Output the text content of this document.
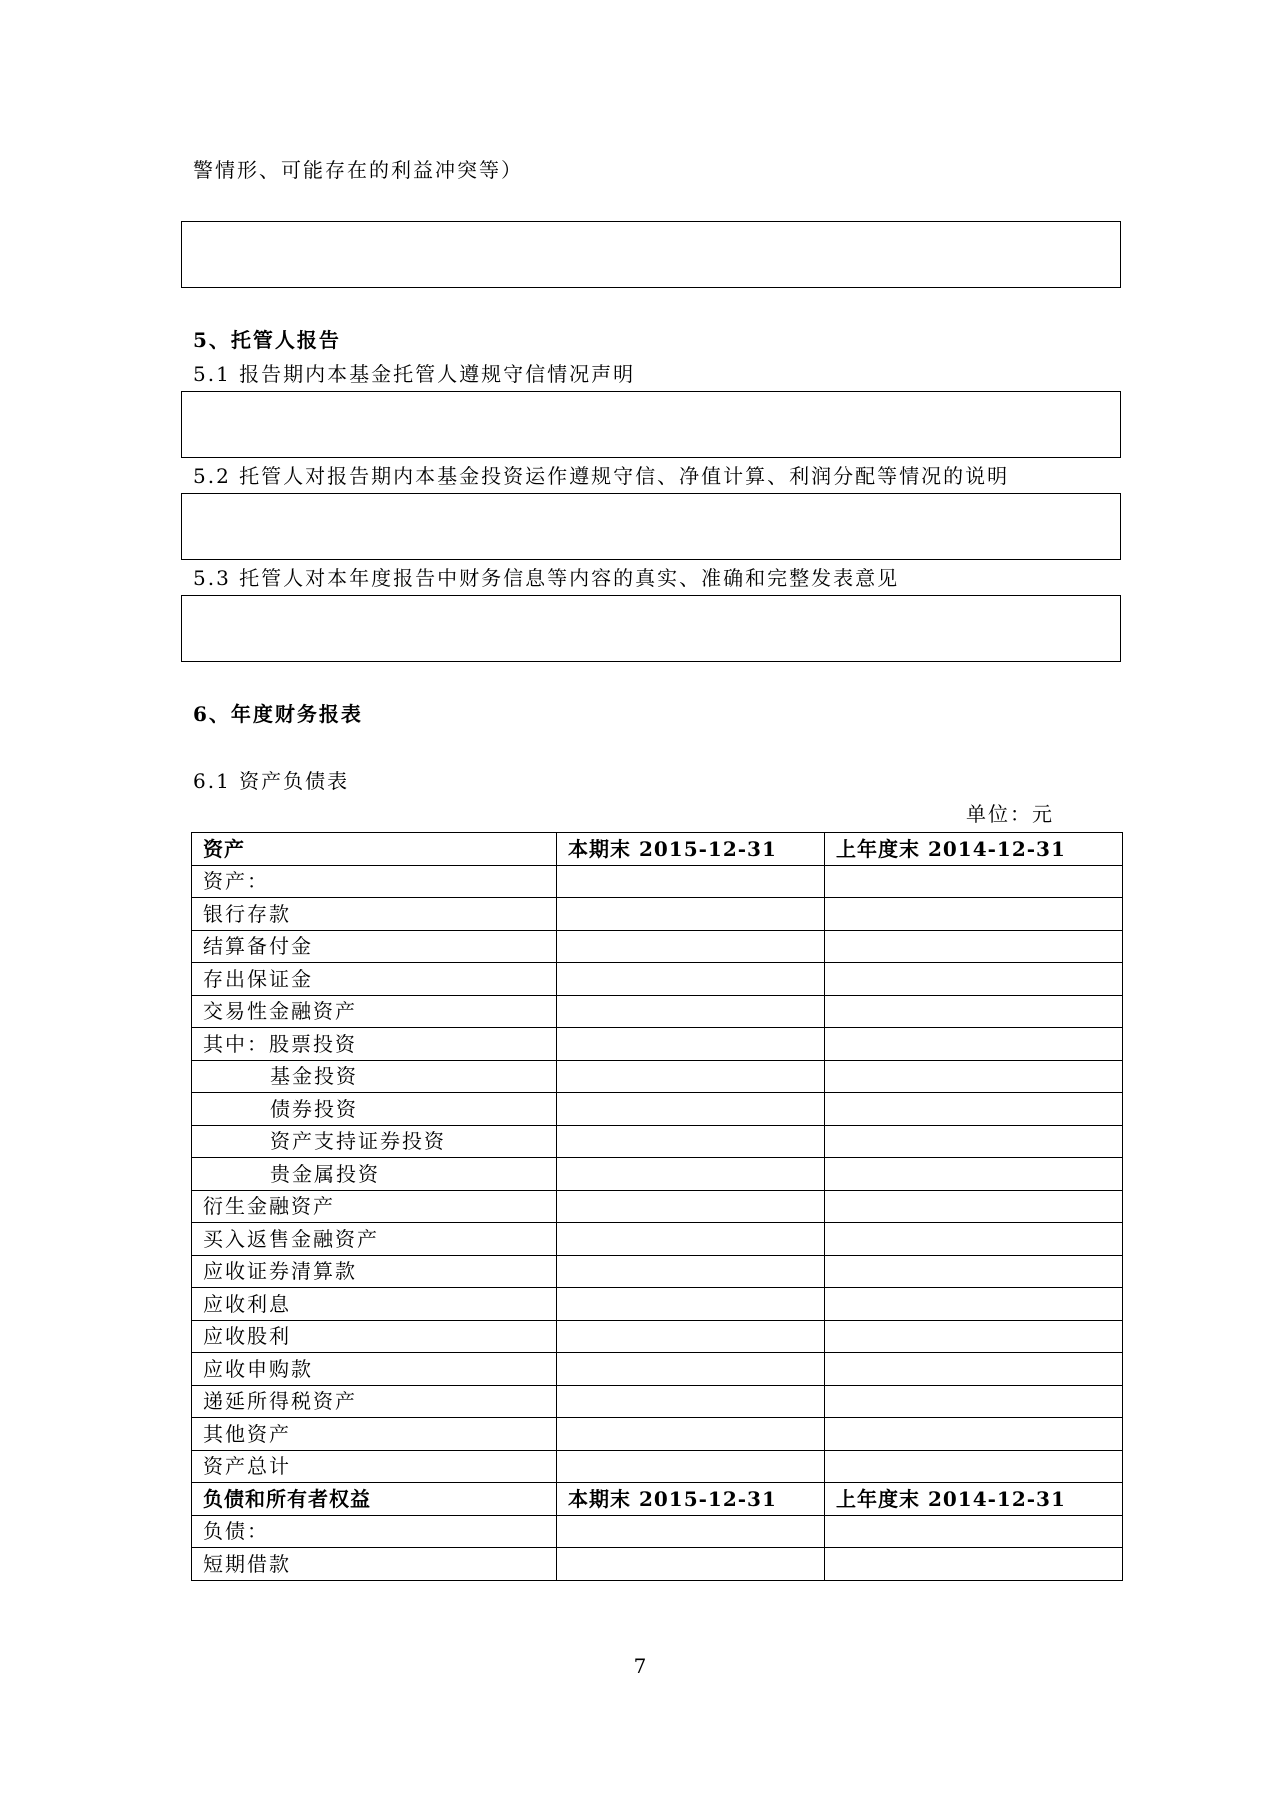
警情形、可能存在的利益冲突等）
5、托管人报告
5.1 报告期内本基金托管人遵规守信情况声明
5.2 托管人对报告期内本基金投资运作遵规守信、净值计算、利润分配等情况的说明
5.3 托管人对本年度报告中财务信息等内容的真实、准确和完整发表意见
6、年度财务报表
6.1 资产负债表
单位：元
资产	本期末 2015-12-31	上年度末 2014-12-31
资产：		
银行存款		
结算备付金		
存出保证金		
交易性金融资产		
其中：股票投资		
基金投资		
债券投资		
资产支持证券投资		
贵金属投资		
衍生金融资产		
买入返售金融资产		
应收证券清算款		
应收利息		
应收股利		
应收申购款		
递延所得税资产		
其他资产		
资产总计		
负债和所有者权益	本期末 2015-12-31	上年度末 2014-12-31
负债：		
短期借款		
7
